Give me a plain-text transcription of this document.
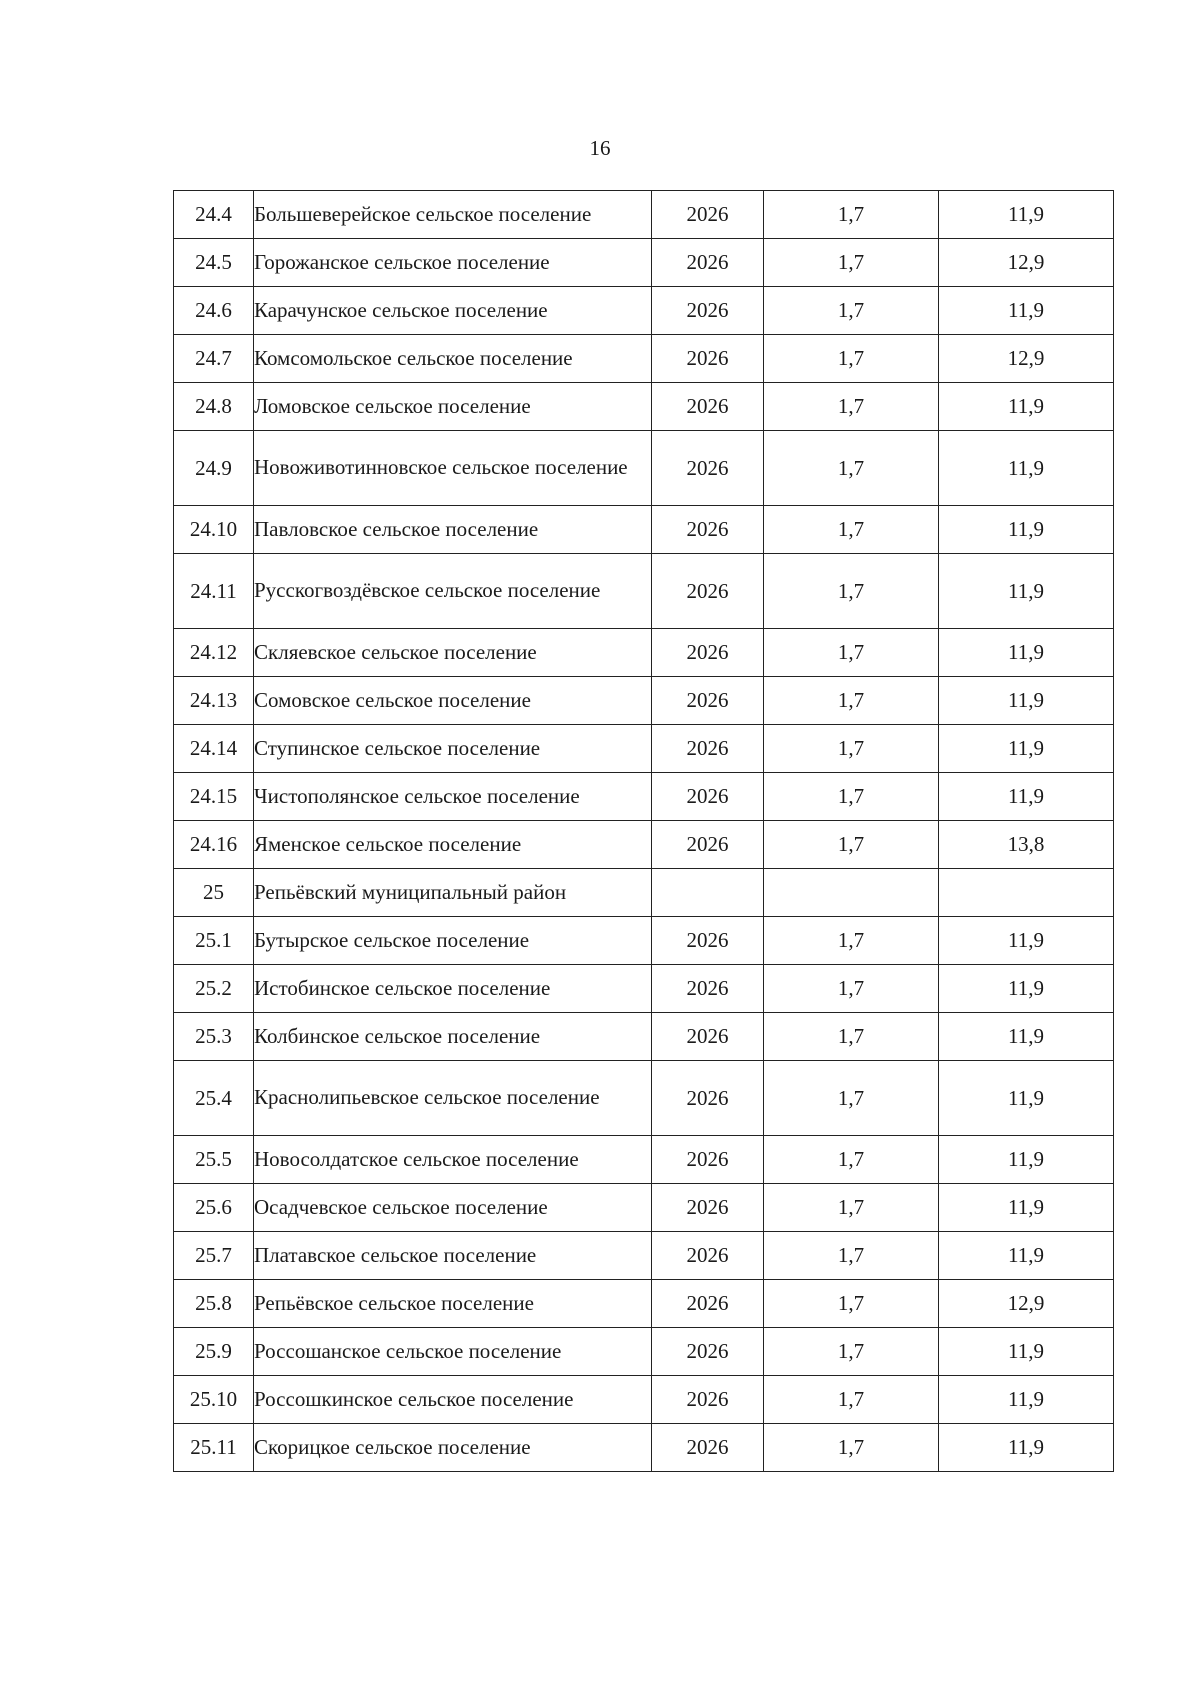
16
24.4	Большеверейское сельское поселение	2026	1,7	11,9
24.5	Горожанское сельское поселение	2026	1,7	12,9
24.6	Карачунское сельское поселение	2026	1,7	11,9
24.7	Комсомольское сельское поселение	2026	1,7	12,9
24.8	Ломовское сельское поселение	2026	1,7	11,9
24.9	Новоживотинновское сельское поселение	2026	1,7	11,9
24.10	Павловское сельское поселение	2026	1,7	11,9
24.11	Русскогвоздёвское сельское поселение	2026	1,7	11,9
24.12	Скляевское сельское поселение	2026	1,7	11,9
24.13	Сомовское сельское поселение	2026	1,7	11,9
24.14	Ступинское сельское поселение	2026	1,7	11,9
24.15	Чистополянское сельское поселение	2026	1,7	11,9
24.16	Яменское сельское поселение	2026	1,7	13,8
25	Репьёвский муниципальный район			
25.1	Бутырское сельское поселение	2026	1,7	11,9
25.2	Истобинское сельское поселение	2026	1,7	11,9
25.3	Колбинское сельское поселение	2026	1,7	11,9
25.4	Краснолипьевское сельское поселение	2026	1,7	11,9
25.5	Новосолдатское сельское поселение	2026	1,7	11,9
25.6	Осадчевское сельское поселение	2026	1,7	11,9
25.7	Платавское сельское поселение	2026	1,7	11,9
25.8	Репьёвское сельское поселение	2026	1,7	12,9
25.9	Россошанское сельское поселение	2026	1,7	11,9
25.10	Россошкинское сельское поселение	2026	1,7	11,9
25.11	Скорицкое сельское поселение	2026	1,7	11,9
